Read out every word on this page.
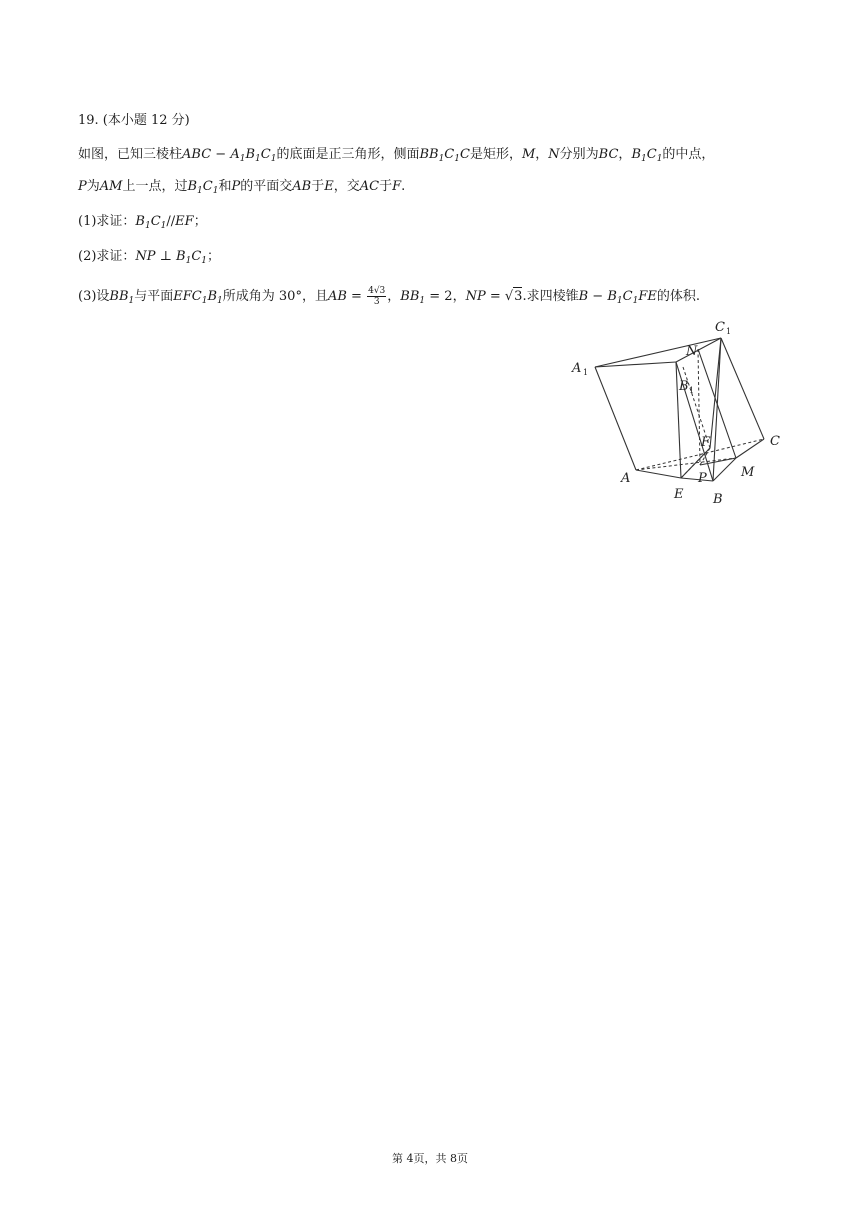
19. (本小题 12 分)
如图，已知三棱柱ABC − $A_1B_1C_1$的底面是正三角形，侧面$BB_1C_1C$是矩形，M，N分别为BC，$B_1C_1$的中点，
P为AM上一点，过$B_1C_1$和P的平面交AB于E，交AC于F.
(1)求证：$B_1C_1//EF$；
(2)求证：NP ⊥ $B_1C_1$；
(3)设$BB_1$与平面$EFC_1B_1$所成角为 30°，且AB = $\frac{4√3}{3}$ ，$BB_1 = 2$，NP = √3.求四棱锥$B - B_1C_1FE$的体积.
A 1
C 1
N
B 1
F	C
M
A	P
E B
第 4页，共 8页
